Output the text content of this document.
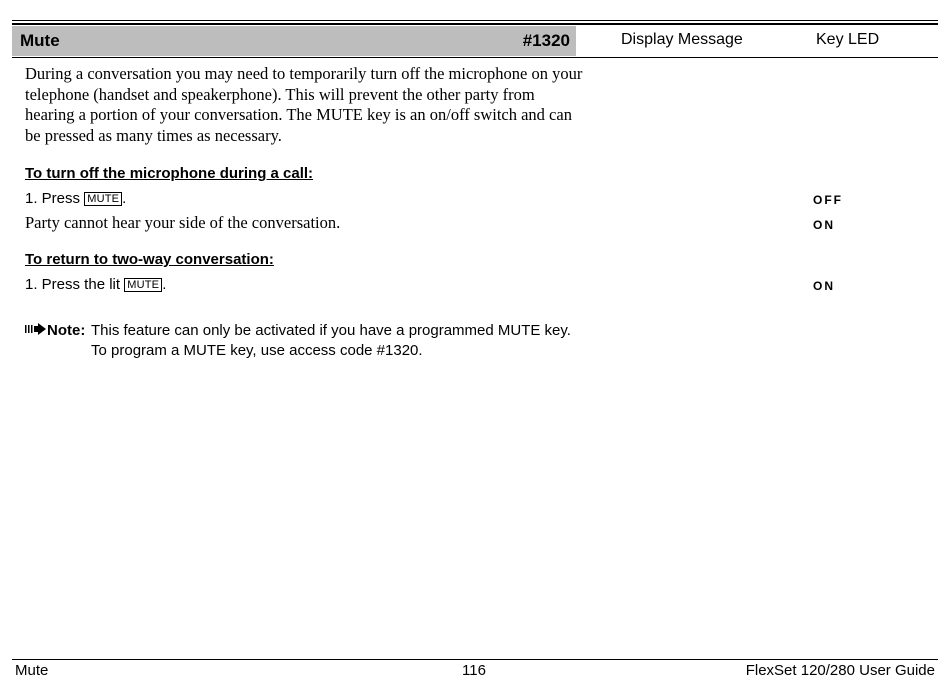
Mute	#1320	Display Message	Key LED

During a conversation you may need to temporarily turn off the microphone on your telephone (handset and speakerphone). This will prevent the other party from hearing a portion of your conversation. The MUTE key is an on/off switch and can be pressed as many times as necessary.

To turn off the microphone during a call:
1. Press MUTE .	OFF
Party cannot hear your side of the conversation.	ON
To return to two-way conversation:
1. Press the lit MUTE .	ON
Note: This feature can only be activated if you have a programmed MUTE key. To program a MUTE key, use access code #1320.
Mute	116	FlexSet 120/280 User Guide
